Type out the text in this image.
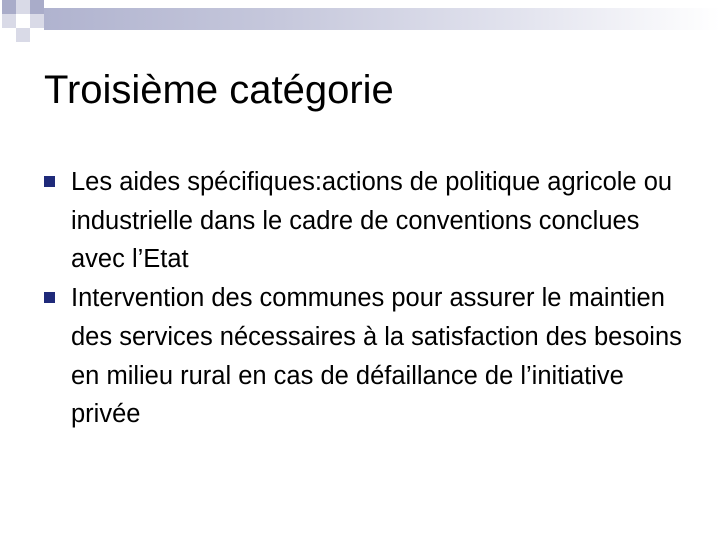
Troisième catégorie
Les aides spécifiques:actions de politique agricole ou industrielle dans le cadre de conventions conclues avec l’Etat
Intervention des communes pour assurer le maintien des services nécessaires à la satisfaction des besoins en milieu rural en cas de défaillance de l’initiative privée
